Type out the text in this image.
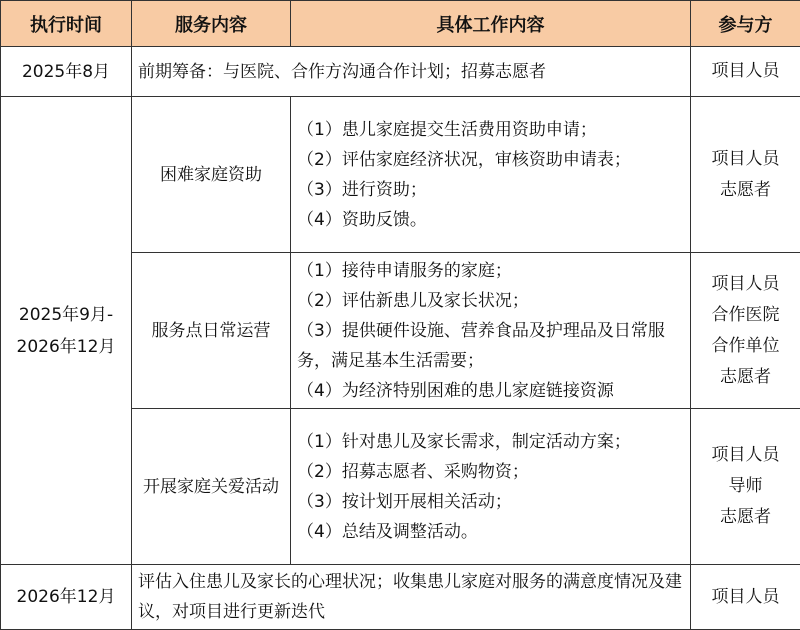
执行时间	服务内容	具体工作内容	参与方
2025年8月	前期筹备：与医院、合作方沟通合作计划；招募志愿者		项目人员

2025年9月-
2026年12月	困难家庭资助	（1）患儿家庭提交生活费用资助申请；
（2）评估家庭经济状况，审核资助申请表；
（3）进行资助；
（4）资助反馈。	项目人员
志愿者

	服务点日常运营	（1）接待申请服务的家庭；
（2）评估新患儿及家长状况；
（3）提供硬件设施、营养食品及护理品及日常服务，满足基本生活需要；
（4）为经济特别困难的患儿家庭链接资源	项目人员
合作医院
合作单位
志愿者

	开展家庭关爱活动	（1）针对患儿及家长需求，制定活动方案；
（2）招募志愿者、采购物资；
（3）按计划开展相关活动；
（4）总结及调整活动。	项目人员
导师
志愿者

2026年12月	评估入住患儿及家长的心理状况；收集患儿家庭对服务的满意度情况及建议，对项目进行更新迭代		项目人员
